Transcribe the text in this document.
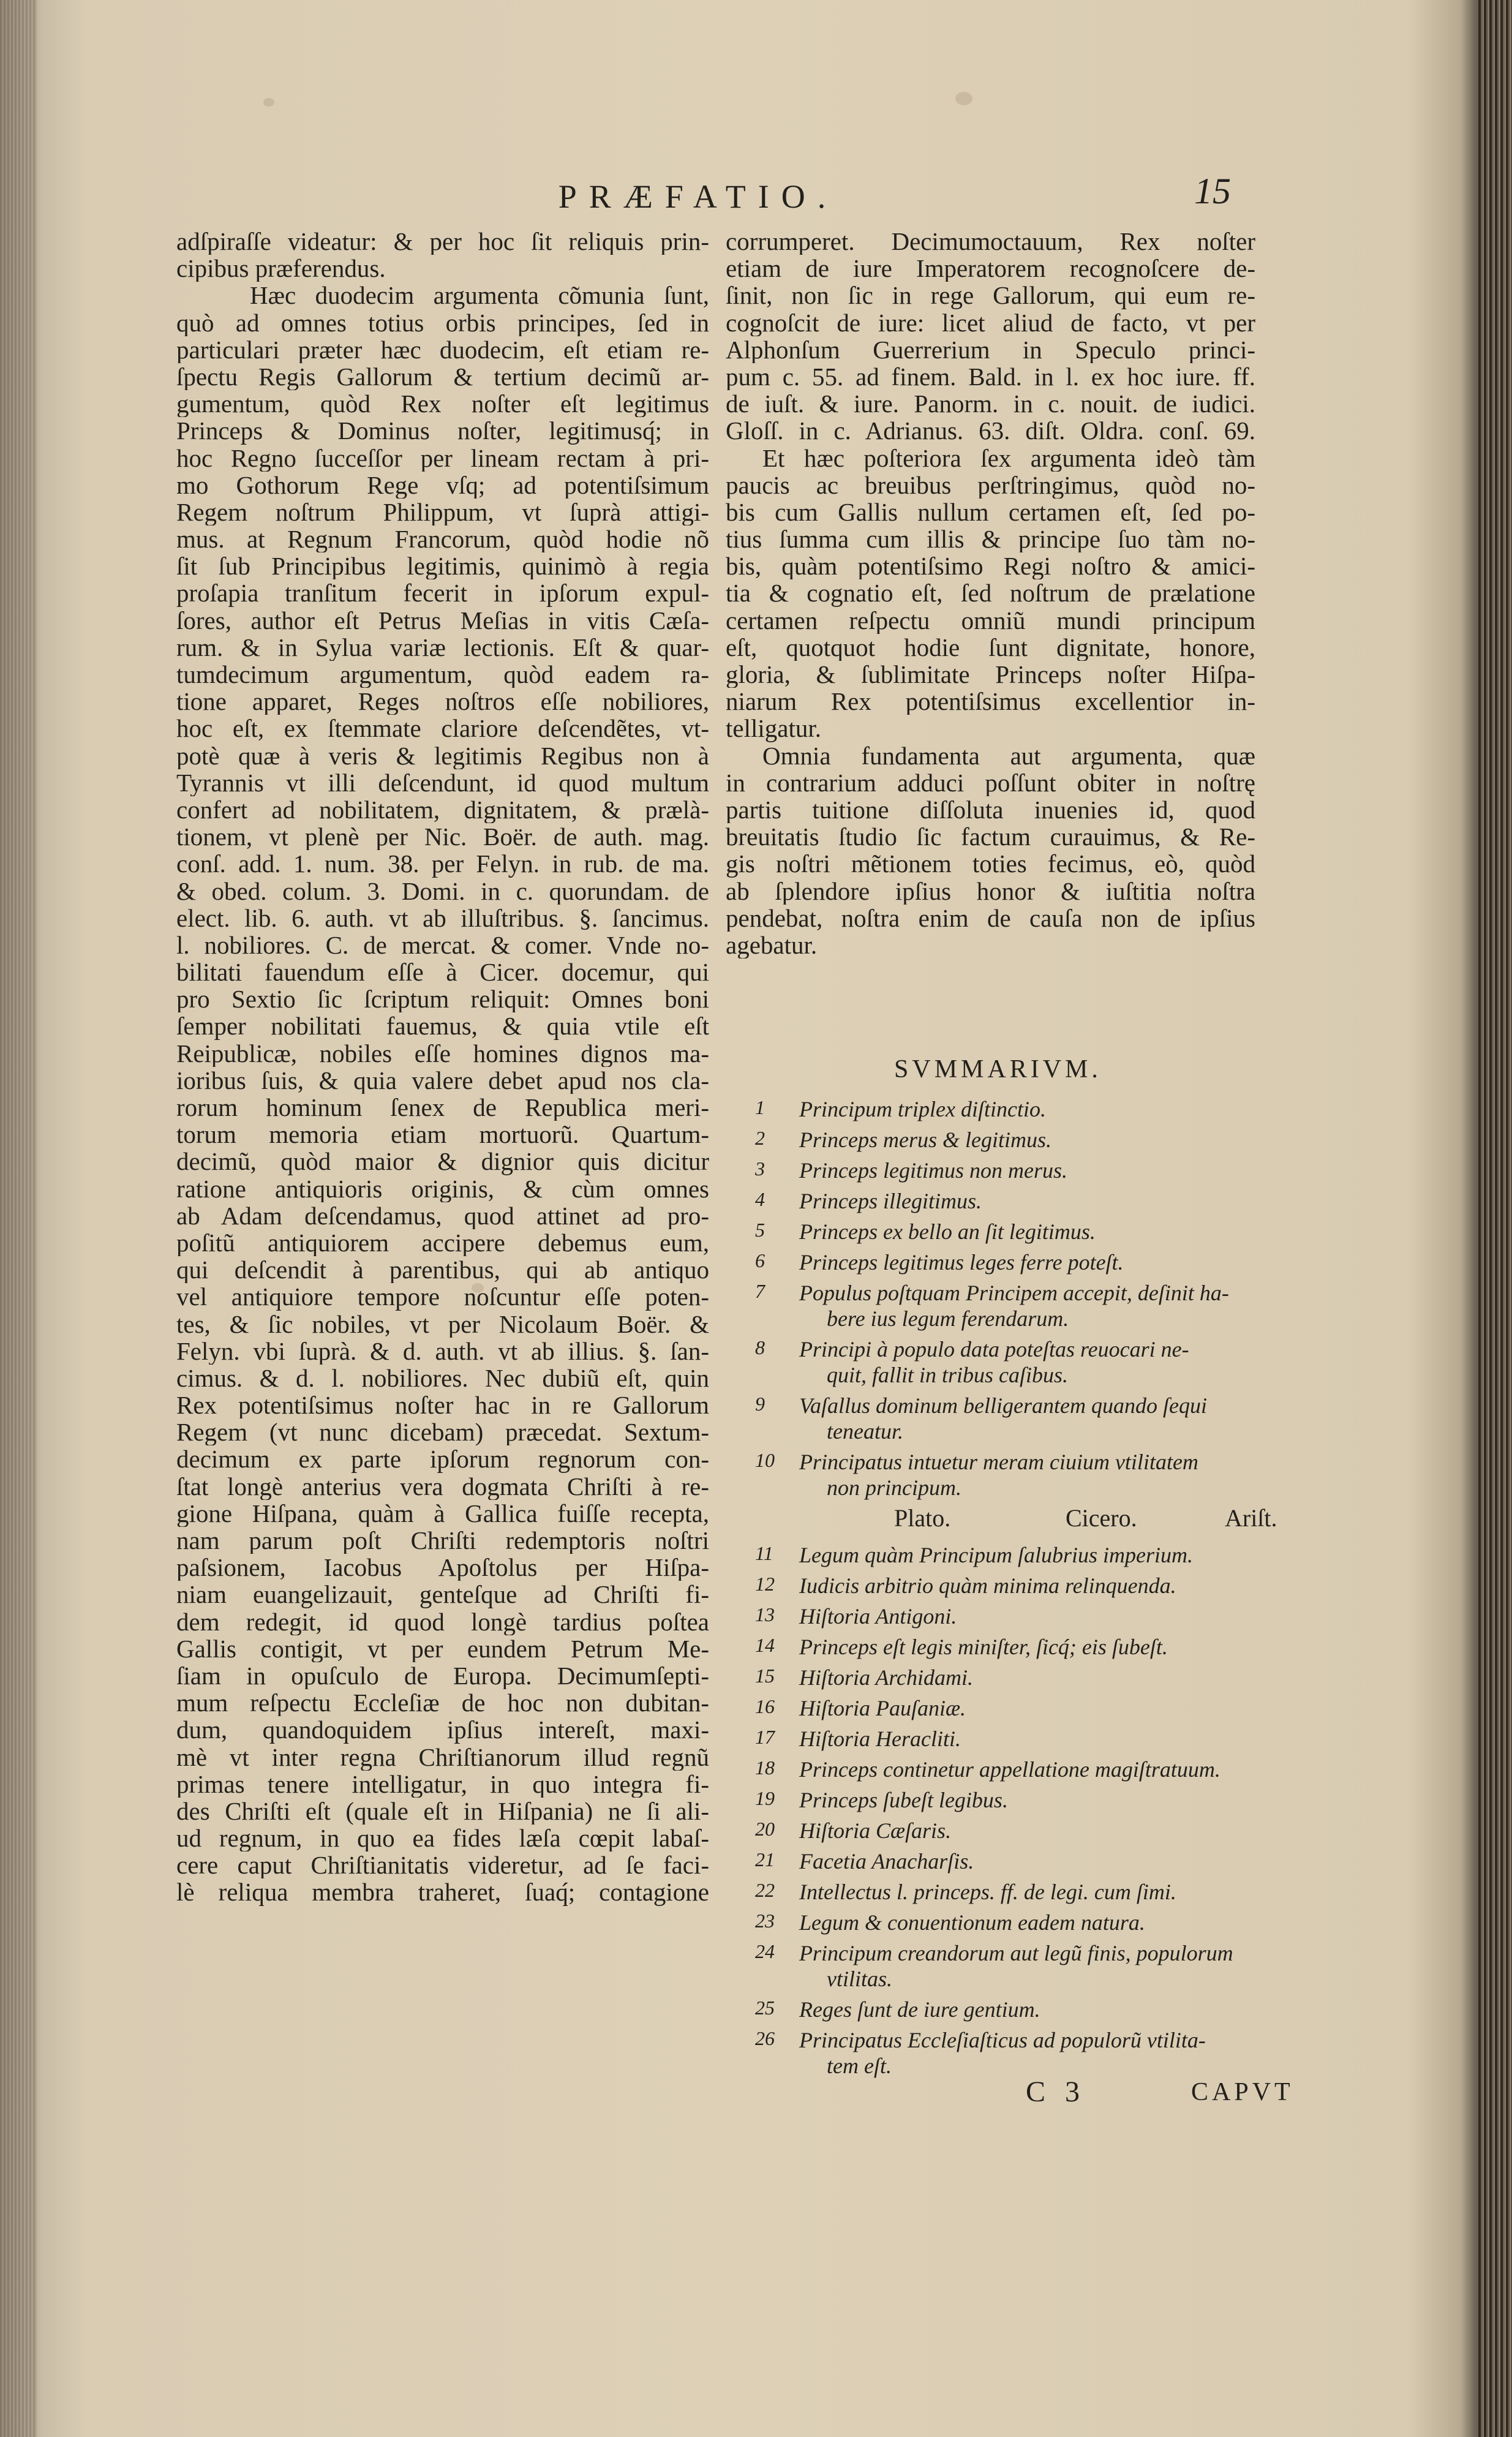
PRÆFATIO.	15
adſpiraſſe videatur: & per hoc ſit reliquis prin-
cipibus præferendus.
Hæc duodecim argumenta cõmunia ſunt,
quò ad omnes totius orbis principes, ſed in
particulari præter hæc duodecim, eſt etiam re-
ſpectu Regis Gallorum & tertium decimũ ar-
gumentum, quòd Rex noſter eſt legitimus
Princeps & Dominus noſter, legitimusq́; in
hoc Regno ſucceſſor per lineam rectam à pri-
mo Gothorum Rege vſq; ad potentiſsimum
Regem noſtrum Philippum, vt ſuprà attigi-
mus. at Regnum Francorum, quòd hodie nõ
ſit ſub Principibus legitimis, quinimò à regia
proſapia tranſitum fecerit in ipſorum expul-
ſores, author eſt Petrus Meſias in vitis Cæſa-
rum. & in Sylua variæ lectionis. Eſt & quar-
tumdecimum argumentum, quòd eadem ra-
tione apparet, Reges noſtros eſſe nobiliores,
hoc eſt, ex ſtemmate clariore deſcendẽtes, vt-
potè quæ à veris & legitimis Regibus non à
Tyrannis vt illi deſcendunt, id quod multum
confert ad nobilitatem, dignitatem, & prælà-
tionem, vt plenè per Nic. Boër. de auth. mag.
conſ. add. 1. num. 38. per Felyn. in rub. de ma.
& obed. colum. 3. Domi. in c. quorundam. de
elect. lib. 6. auth. vt ab illuſtribus. §. ſancimus.
l. nobiliores. C. de mercat. & comer. Vnde no-
bilitati fauendum eſſe à Cicer. docemur, qui
pro Sextio ſic ſcriptum reliquit: Omnes boni
ſemper nobilitati fauemus, & quia vtile eſt
Reipublicæ, nobiles eſſe homines dignos ma-
ioribus ſuis, & quia valere debet apud nos cla-
rorum hominum ſenex de Republica meri-
torum memoria etiam mortuorũ. Quartum-
decimũ, quòd maior & dignior quis dicitur
ratione antiquioris originis, & cùm omnes
ab Adam deſcendamus, quod attinet ad pro-
poſitũ antiquiorem accipere debemus eum,
qui deſcendit à parentibus, qui ab antiquo
vel antiquiore tempore noſcuntur eſſe poten-
tes, & ſic nobiles, vt per Nicolaum Boër. &
Felyn. vbi ſuprà. & d. auth. vt ab illius. §. ſan-
cimus. & d. l. nobiliores. Nec dubiũ eſt, quin
Rex potentiſsimus noſter hac in re Gallorum
Regem (vt nunc dicebam) præcedat. Sextum-
decimum ex parte ipſorum regnorum con-
ſtat longè anterius vera dogmata Chriſti à re-
gione Hiſpana, quàm à Gallica fuiſſe recepta,
nam parum poſt Chriſti redemptoris noſtri
paſsionem, Iacobus Apoſtolus per Hiſpa-
niam euangelizauit, genteſque ad Chriſti fi-
dem redegit, id quod longè tardius poſtea
Gallis contigit, vt per eundem Petrum Me-
ſiam in opuſculo de Europa. Decimumſepti-
mum reſpectu Eccleſiæ de hoc non dubitan-
dum, quandoquidem ipſius intereſt, maxi-
mè vt inter regna Chriſtianorum illud regnũ
primas tenere intelligatur, in quo integra fi-
des Chriſti eſt (quale eſt in Hiſpania) ne ſi ali-
ud regnum, in quo ea fides læſa cœpit labaſ-
cere caput Chriſtianitatis videretur, ad ſe faci-
lè reliqua membra traheret, ſuaq́; contagione
corrumperet. Decimumoctauum, Rex noſter
etiam de iure Imperatorem recognoſcere de-
ſinit, non ſic in rege Gallorum, qui eum re-
cognoſcit de iure: licet aliud de facto, vt per
Alphonſum Guerrerium in Speculo princi-
pum c. 55. ad finem. Bald. in l. ex hoc iure. ff.
de iuſt. & iure. Panorm. in c. nouit. de iudici.
Gloſſ. in c. Adrianus. 63. diſt. Oldra. conſ. 69.
Et hæc poſteriora ſex argumenta ideò tàm
paucis ac breuibus perſtringimus, quòd no-
bis cum Gallis nullum certamen eſt, ſed po-
tius ſumma cum illis & principe ſuo tàm no-
bis, quàm potentiſsimo Regi noſtro & amici-
tia & cognatio eſt, ſed noſtrum de prælatione
certamen reſpectu omniũ mundi principum
eſt, quotquot hodie ſunt dignitate, honore,
gloria, & ſublimitate Princeps noſter Hiſpa-
niarum Rex potentiſsimus excellentior in-
telligatur.
Omnia fundamenta aut argumenta, quæ
in contrarium adduci poſſunt obiter in noſtrę
partis tuitione diſſoluta inuenies id, quod
breuitatis ſtudio ſic factum curauimus, & Re-
gis noſtri mẽtionem toties fecimus, eò, quòd
ab ſplendore ipſius honor & iuſtitia noſtra
pendebat, noſtra enim de cauſa non de ipſius
agebatur.
SVMMARIVM.
1	Principum triplex diſtinctio.
2	Princeps merus & legitimus.
3	Princeps legitimus non merus.
4	Princeps illegitimus.
5	Princeps ex bello an ſit legitimus.
6	Princeps legitimus leges ferre poteſt.
7	Populus poſtquam Principem accepit, deſinit ha-
bere ius legum ferendarum.
8	Principi à populo data poteſtas reuocari ne-
quit, fallit in tribus caſibus.
9	Vaſallus dominum belligerantem quando ſequi
teneatur.
10	Principatus intuetur meram ciuium vtilitatem
non principum.
11	Legum quàm Principum ſalubrius imperium.
12	Iudicis arbitrio quàm minima relinquenda.
13	Hiſtoria Antigoni.
14	Princeps eſt legis miniſter, ſicq́; eis ſubeſt.
15	Hiſtoria Archidami.
16	Hiſtoria Pauſaniæ.
17	Hiſtoria Heracliti.
18	Princeps continetur appellatione magiſtratuum.
19	Princeps ſubeſt legibus.
20	Hiſtoria Cæſaris.
21	Facetia Anacharſis.
22	Intellectus l. princeps. ff. de legi. cum ſimi.
23	Legum & conuentionum eadem natura.
24	Principum creandorum aut legũ finis, populorum
vtilitas.
25	Reges ſunt de iure gentium.
26	Principatus Eccleſiaſticus ad populorũ vtilita-
tem eſt.
Plato.	Cicero.	Ariſt.
C 3	CAPVT
